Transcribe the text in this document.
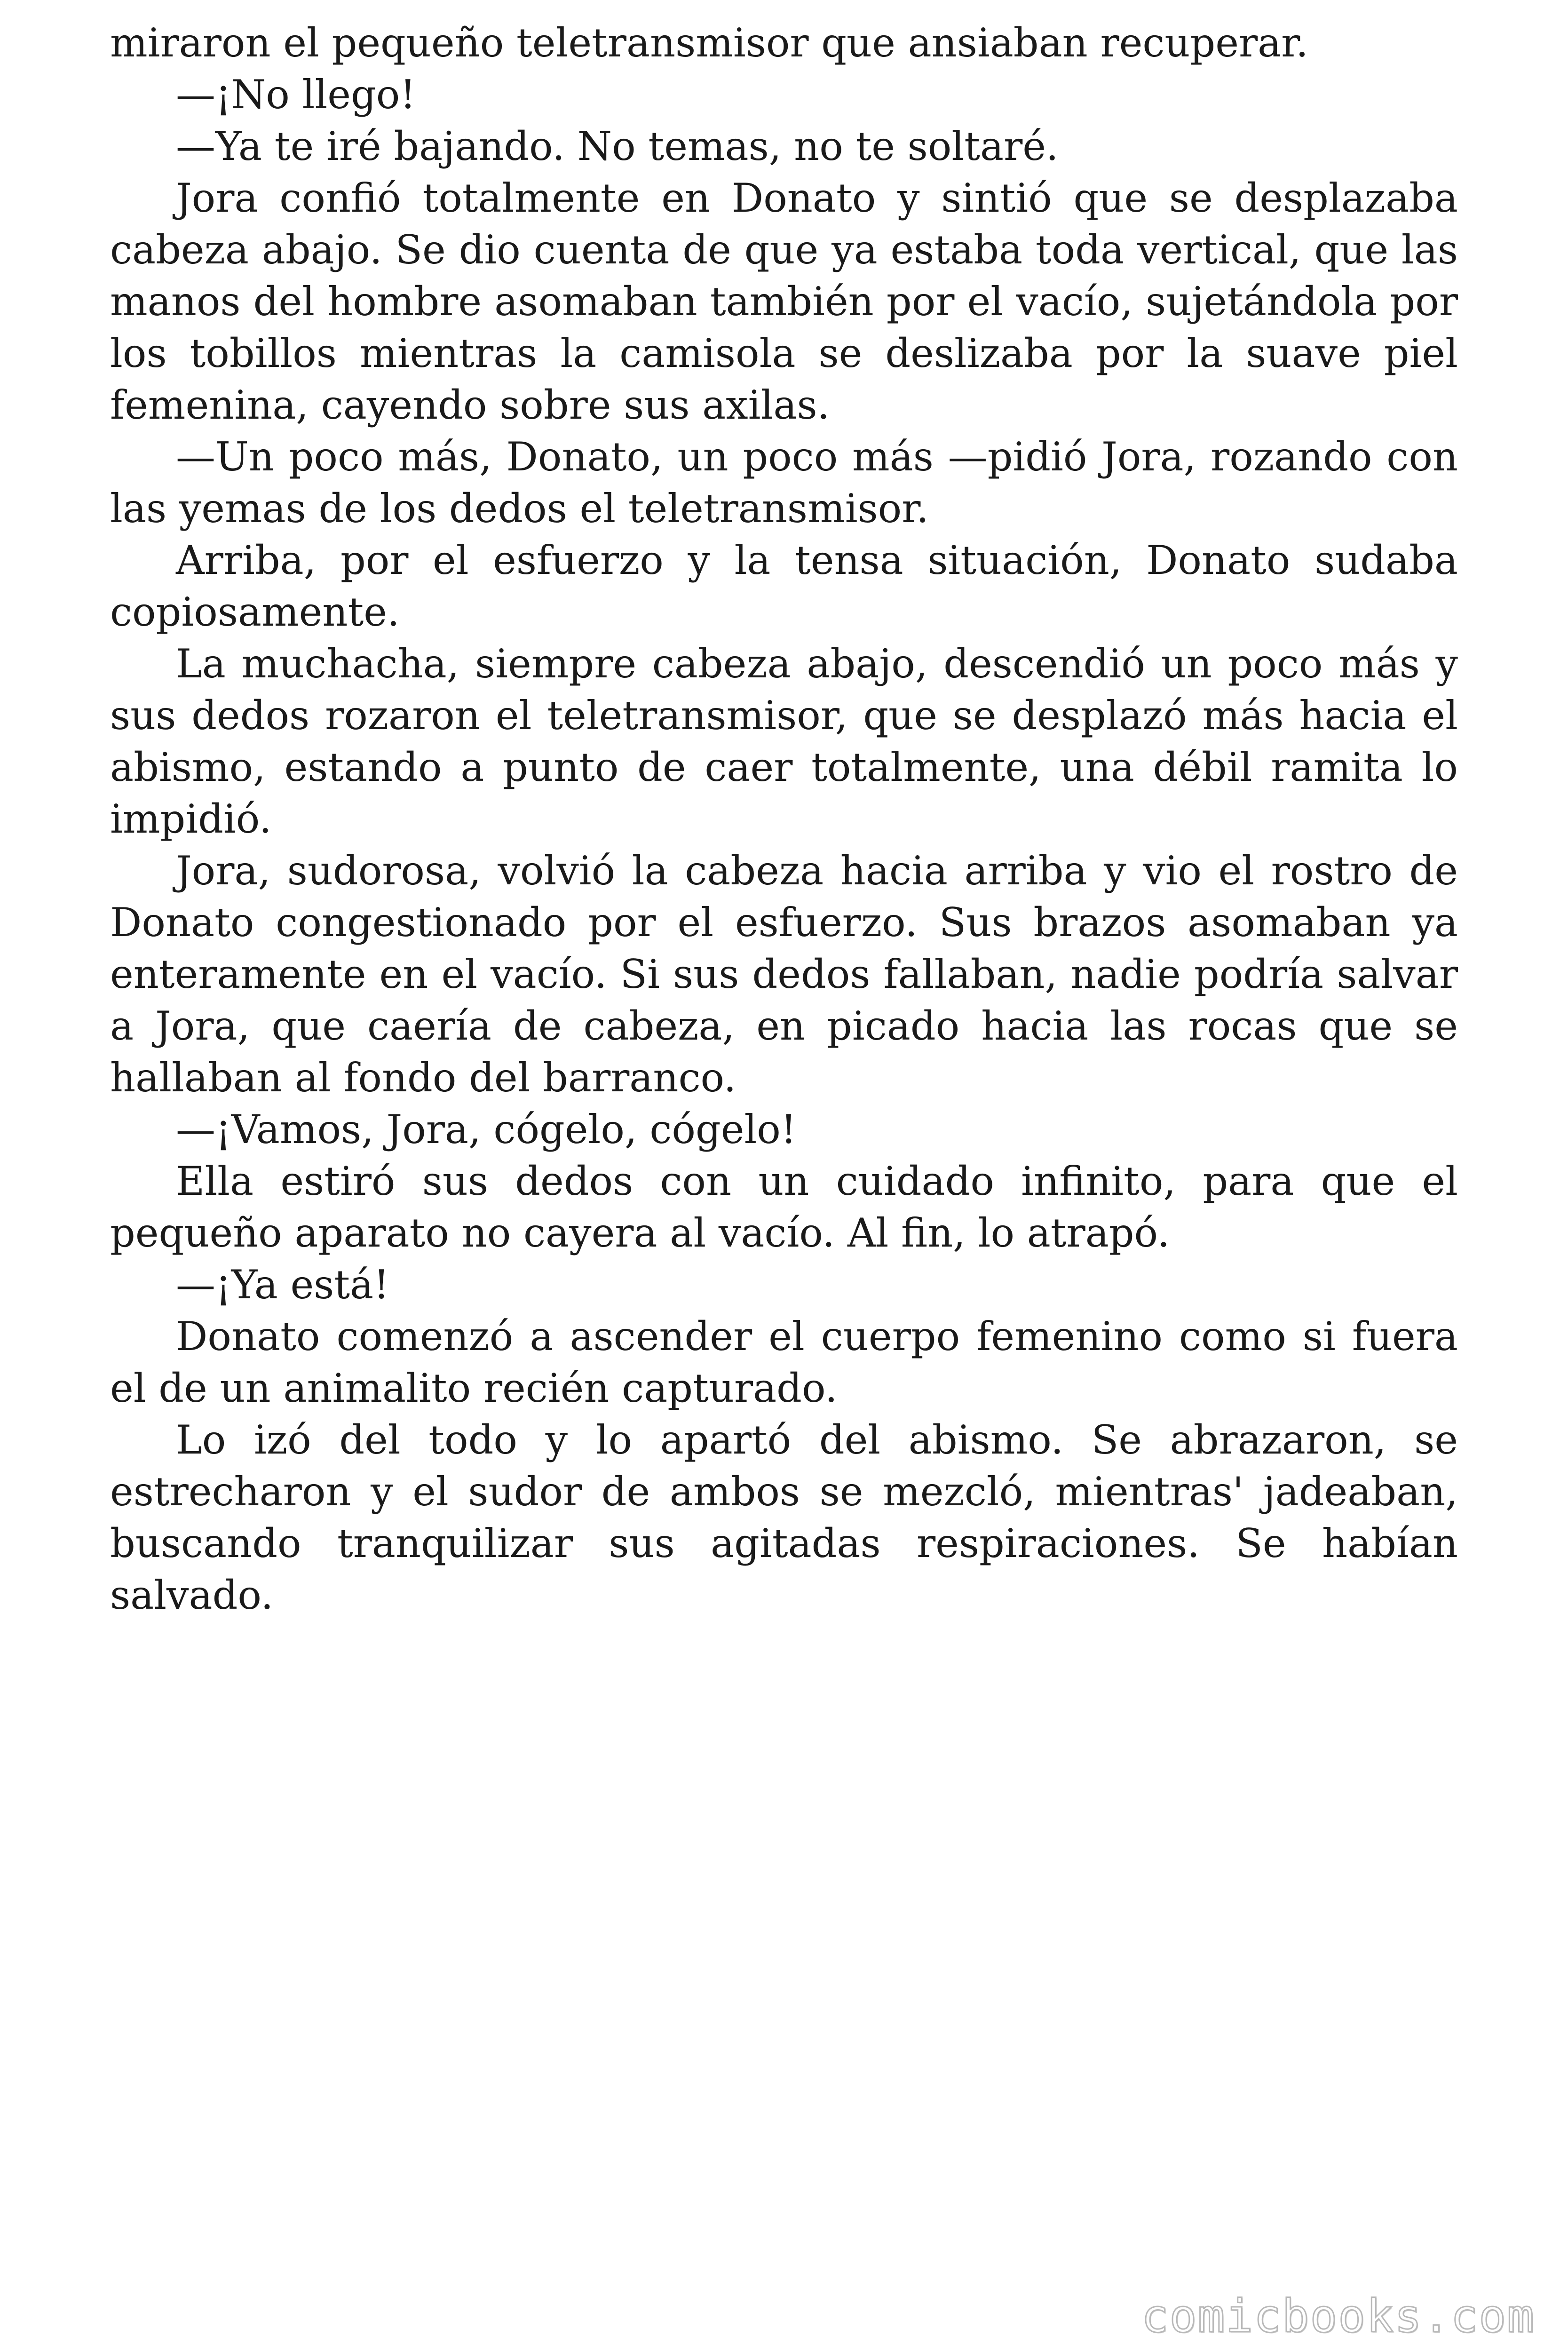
miraron el pequeño teletransmisor que ansiaban recuperar.

—¡No llego!

—Ya te iré bajando. No temas, no te soltaré.

Jora confió totalmente en Donato y sintió que se desplazaba cabeza abajo. Se dio cuenta de que ya estaba toda vertical, que las manos del hombre asomaban también por el vacío, sujetándola por los tobillos mientras la camisola se deslizaba por la suave piel femenina, cayendo sobre sus axilas.

—Un poco más, Donato, un poco más —pidió Jora, rozando con las yemas de los dedos el teletransmisor.

Arriba, por el esfuerzo y la tensa situación, Donato sudaba copiosamente.

La muchacha, siempre cabeza abajo, descendió un poco más y sus dedos rozaron el teletransmisor, que se desplazó más hacia el abismo, estando a punto de caer totalmente, una débil ramita lo impidió.

Jora, sudorosa, volvió la cabeza hacia arriba y vio el rostro de Donato congestionado por el esfuerzo. Sus brazos asomaban ya enteramente en el vacío. Si sus dedos fallaban, nadie podría salvar a Jora, que caería de cabeza, en picado hacia las rocas que se hallaban al fondo del barranco.

—¡Vamos, Jora, cógelo, cógelo!

Ella estiró sus dedos con un cuidado infinito, para que el pequeño aparato no cayera al vacío. Al fin, lo atrapó.

—¡Ya está!

Donato comenzó a ascender el cuerpo femenino como si fuera el de un animalito recién capturado.

Lo izó del todo y lo apartó del abismo. Se abrazaron, se estrecharon y el sudor de ambos se mezcló, mientras' jadeaban, buscando tranquilizar sus agitadas respiraciones. Se habían salvado.

comicbooks.com
